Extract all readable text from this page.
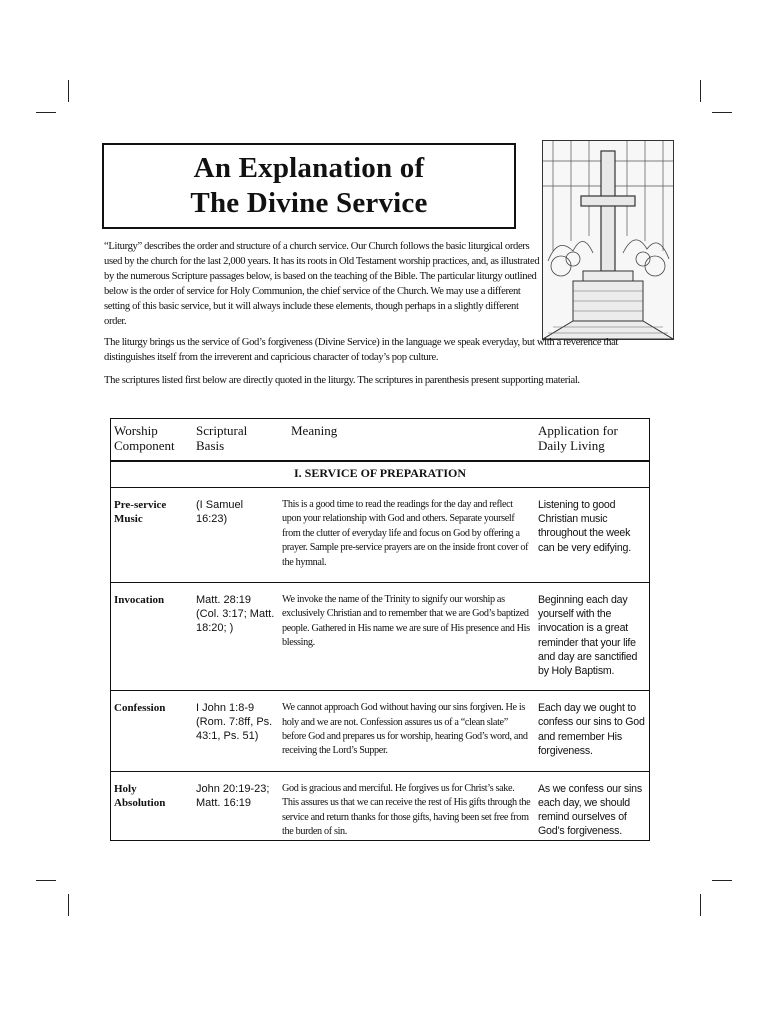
An Explanation of
The Divine Service
“Liturgy” describes the order and structure of a church service. Our Church follows the basic liturgical orders used by the church for the last 2,000 years. It has its roots in Old Testament worship practices, and, as illustrated by the numerous Scripture passages below, is based on the teaching of the Bible. The particular liturgy outlined below is the order of service for Holy Communion, the chief service of the Church. We may use a different setting of this basic service, but it will always include these elements, though perhaps in a slightly different order.
The liturgy brings us the service of God’s forgiveness (Divine Service) in the language we speak everyday, but with a reverence that distinguishes itself from the irreverent and capricious character of today’s pop culture.
The scriptures listed first below are directly quoted in the liturgy. The scriptures in parenthesis present supporting material.
Worship Component	Scriptural Basis	Meaning	Application for Daily Living
I. SERVICE OF PREPARATION			
Pre-service Music	(I Samuel 16:23)	This is a good time to read the readings for the day and reflect upon your relationship with God and others. Separate yourself from the clutter of everyday life and focus on God by offering a prayer. Sample pre-service prayers are on the inside front cover of the hymnal.	Listening to good Christian music throughout the week can be very edifying.
Invocation	Matt. 28:19 (Col. 3:17; Matt. 18:20; )	We invoke the name of the Trinity to signify our worship as exclusively Christian and to remember that we are God’s baptized people. Gathered in His name we are sure of His presence and His blessing.	Beginning each day yourself with the invocation is a great reminder that your life and day are sanctified by Holy Baptism.
Confession	I John 1:8-9 (Rom. 7:8ff, Ps. 43:1, Ps. 51)	We cannot approach God without having our sins forgiven. He is holy and we are not. Confession assures us of a “clean slate” before God and prepares us for worship, hearing God’s word, and receiving the Lord’s Supper.	Each day we ought to confess our sins to God and remember His forgiveness.
Holy Absolution	John 20:19-23; Matt. 16:19	God is gracious and merciful. He forgives us for Christ’s sake. This assures us that we can receive the rest of His gifts through the service and return thanks for those gifts, having been set free from the burden of sin.	As we confess our sins each day, we should remind ourselves of God’s forgiveness.
